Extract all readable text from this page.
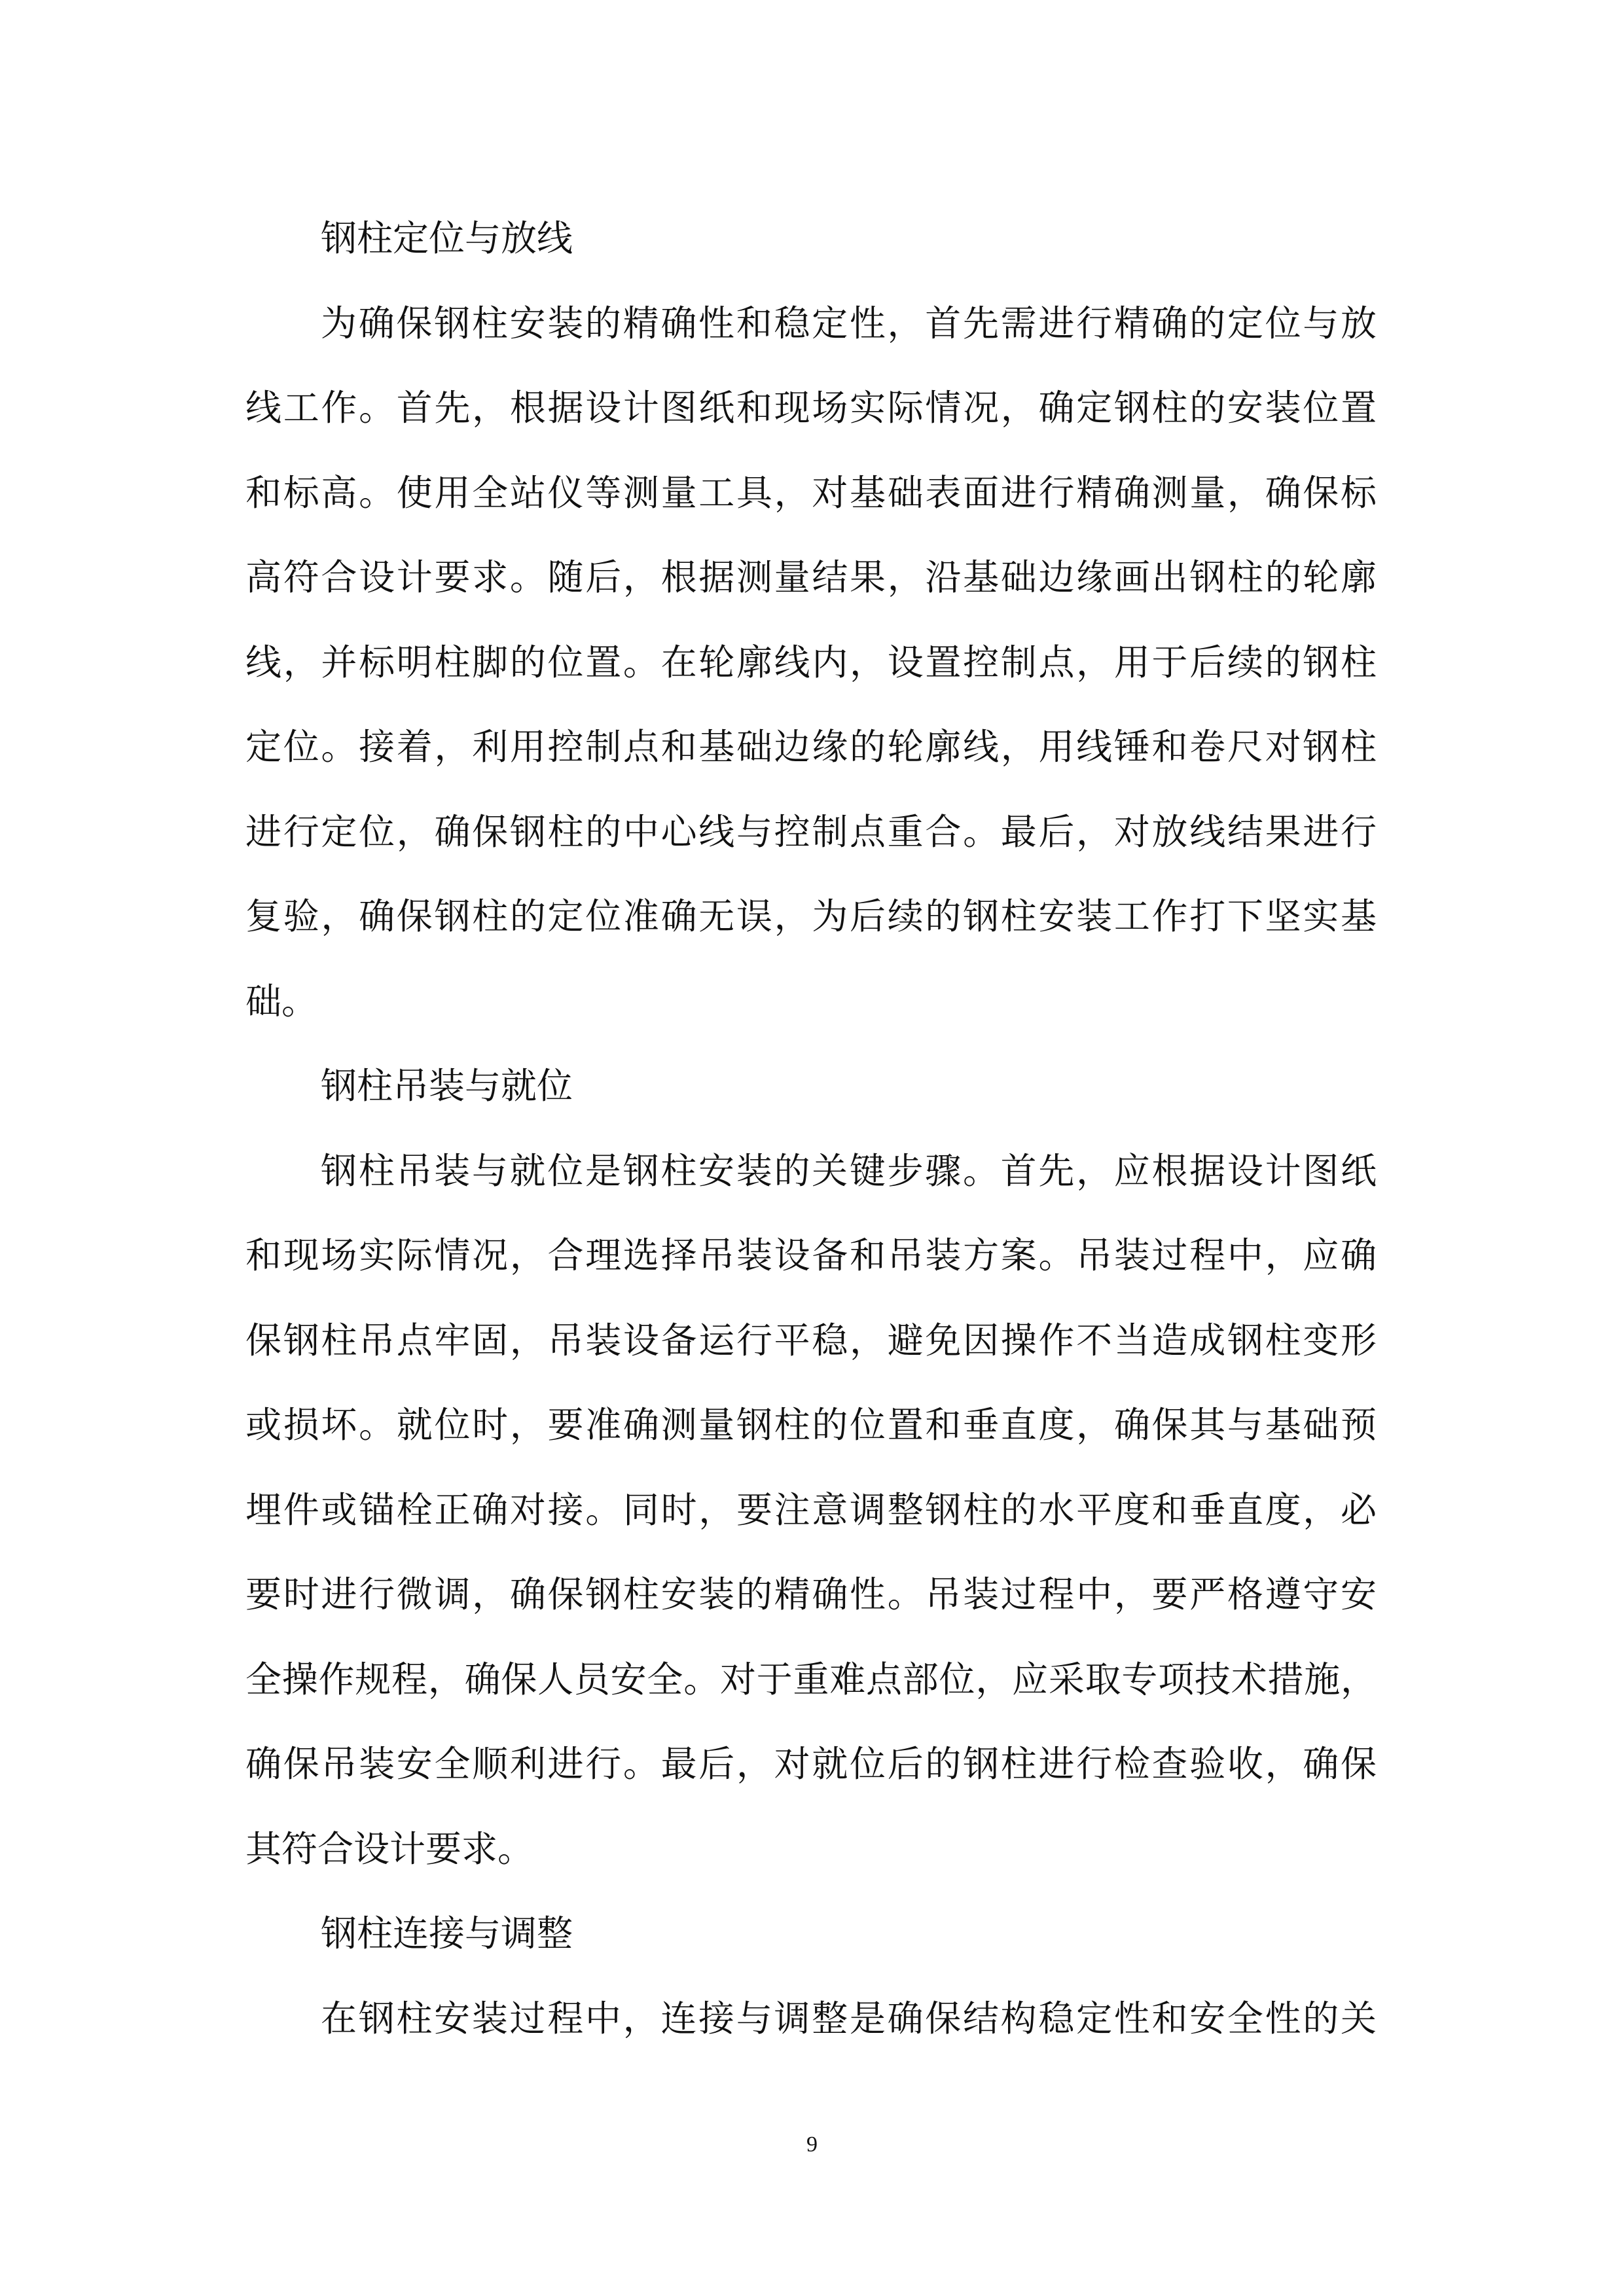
钢柱定位与放线
为确保钢柱安装的精确性和稳定性，首先需进行精确的定位与放
线工作。首先，根据设计图纸和现场实际情况，确定钢柱的安装位置
和标高。使用全站仪等测量工具，对基础表面进行精确测量，确保标
高符合设计要求。随后，根据测量结果，沿基础边缘画出钢柱的轮廓
线，并标明柱脚的位置。在轮廓线内，设置控制点，用于后续的钢柱
定位。接着，利用控制点和基础边缘的轮廓线，用线锤和卷尺对钢柱
进行定位，确保钢柱的中心线与控制点重合。最后，对放线结果进行
复验，确保钢柱的定位准确无误，为后续的钢柱安装工作打下坚实基
础。
钢柱吊装与就位
钢柱吊装与就位是钢柱安装的关键步骤。首先，应根据设计图纸
和现场实际情况，合理选择吊装设备和吊装方案。吊装过程中，应确
保钢柱吊点牢固，吊装设备运行平稳，避免因操作不当造成钢柱变形
或损坏。就位时，要准确测量钢柱的位置和垂直度，确保其与基础预
埋件或锚栓正确对接。同时，要注意调整钢柱的水平度和垂直度，必
要时进行微调，确保钢柱安装的精确性。吊装过程中，要严格遵守安
全操作规程，确保人员安全。对于重难点部位，应采取专项技术措施，
确保吊装安全顺利进行。最后，对就位后的钢柱进行检查验收，确保
其符合设计要求。
钢柱连接与调整
在钢柱安装过程中，连接与调整是确保结构稳定性和安全性的关
9
